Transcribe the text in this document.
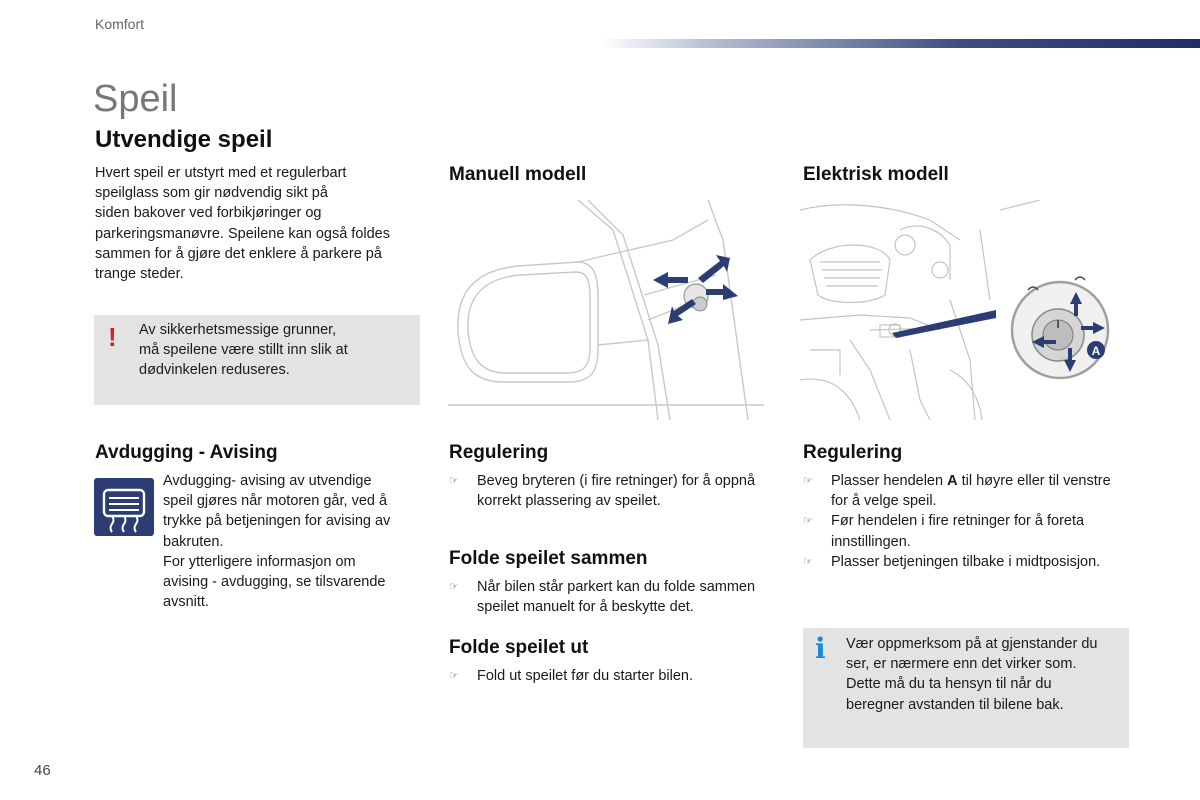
Komfort
Speil
Utvendige speil
Hvert speil er utstyrt med et regulerbart
speilglass som gir nødvendig sikt på
siden bakover ved forbikjøringer og
parkeringsmanøvre. Speilene kan også foldes
sammen for å gjøre det enklere å parkere på
trange steder.
! Av sikkerhetsmessige grunner,
må speilene være stillt inn slik at
dødvinkelen reduseres.
Avdugging - Avising
Avdugging- avising av utvendige
speil gjøres når motoren går, ved å
trykke på betjeningen for avising av
bakruten.
For ytterligere informasjon om
avising - avdugging, se tilsvarende
avsnitt.
Manuell modell
Regulering
☞ Beveg bryteren (i fire retninger) for å oppnå
korrekt plassering av speilet.
Folde speilet sammen
☞ Når bilen står parkert kan du folde sammen
speilet manuelt for å beskytte det.
Folde speilet ut
☞ Fold ut speilet før du starter bilen.
Elektrisk modell
A
Regulering
☞ Plasser hendelen A til høyre eller til venstre
for å velge speil.
☞ Før hendelen i fire retninger for å foreta
innstillingen.
☞ Plasser betjeningen tilbake i midtposisjon.
i Vær oppmerksom på at gjenstander du
ser, er nærmere enn det virker som.
Dette må du ta hensyn til når du
beregner avstanden til bilene bak.
46
